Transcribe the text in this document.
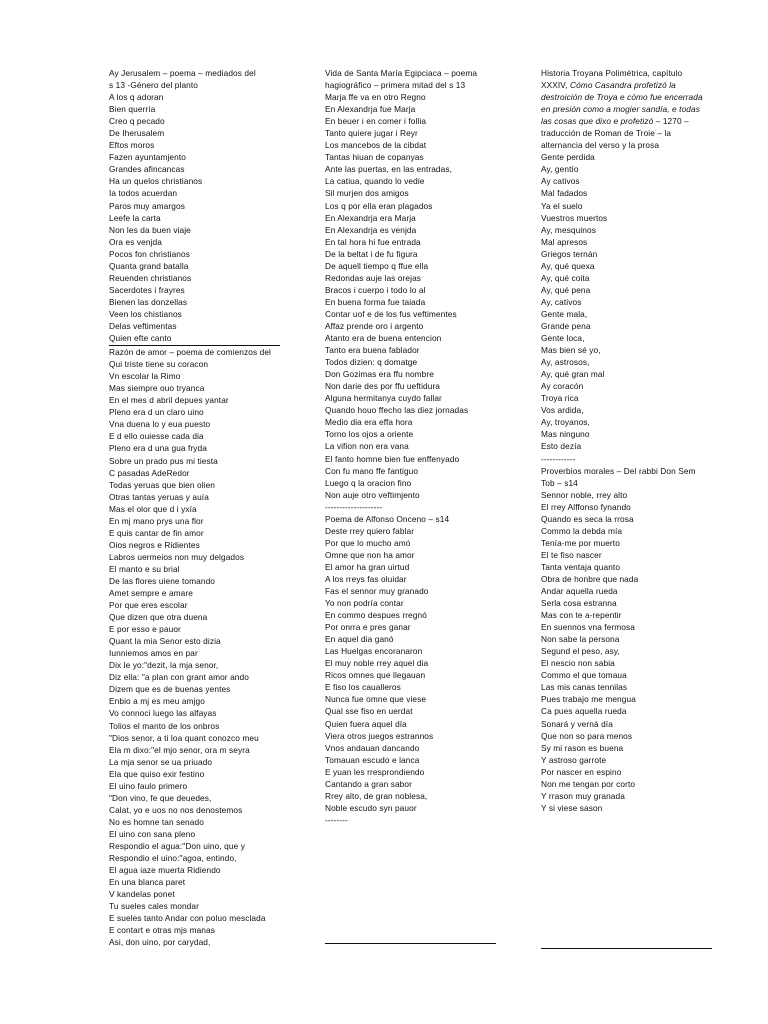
Ay Jerusalem – poema – mediados del
s 13 -Género del planto
A los q adoran
Bien querría
Creo q pecado
De Iherusalem
Eftos moros
Fazen ayuntamjento
Grandes afincancas
Ha un quelos christianos
Ia todos acuerdan
Paros muy amargos
Leefe la carta
Non les da buen viaje
Ora es venjda
Pocos fon christianos
Quanta grand batalla
Reuenden christianos
Sacerdotes i frayres
Bienen las donzellas
Veen los chistianos
Delas veftimentas
Quien efte canto
Razón de amor – poema de comienzos del
Qui triste tiene su coracon
Vn escolar la Rimo
Mas siempre ouo tryanca
En el mes d abril depues yantar
Pleno era d un claro uino
Vna duena lo y eua puesto
E d ello ouiesse cada dia
Pleno era d una gua fryda
Sobre un prado pus mi tiesta
C pasadas AdeRedor
Todas yeruas que bien olien
Otras tantas yeruas y auía
Mas el olor que d i yxía
En mj mano prys una flor
E quis cantar de fin amor
Oios negros e Ridientes
Labros uermeios non muy delgados
El manto e su brial
De las flores uiene tomando
Amet sempre e amare
Por que eres escolar
Que dizen que otra duena
E por esso e pauor
Quant la mia Senor esto dizia
Iunniemos amos en par
Dix le yo:"dezit, la mja senor,
Diz ella: "a plan con grant amor ando
Dizem que es de buenas yentes
Enbio a mj es meu amjgo
Vo connoci luego las alfayas
Tolios el manto de los onbros
"Dios senor, a ti loa quant conozco meu
Ela m dixo:"el mjo senor, ora m seyra
La mja senor se ua priuado
Ela que quiso exir festino
El uino faulo primero
"Don vino, fe que deuedes,
Calat, yo e uos no nos denostemos
No es homne tan senado
El uino con sana pleno
Respondio el agua:"Don uino, que y
Respondio el uino:"agoa, entindo,
El agua iaze muerta Ridiendo
En una blanca paret
V kandelas ponet
Tu sueles cales mondar
E sueles tanto Andar con poluo mesclada
E contart e otras mjs manas
Asi, don uino, por carydad,
Vida de Santa María Egipciaca – poema
hagiográfico – primera mitad del s 13
Marja ffe va en otro Regno
En Alexandrja fue Marja
En beuer i en comer i follia
Tanto quiere jugar i Reyr
Los mancebos de la cibdat
Tantas hiuan de copanyas
Ante las puertas, en las entradas,
La catiua, quando lo vedie
Sil murjen dos amigos
Los q por ella eran plagados
En Alexandrja era Marja
En Alexandrja es venjda
En tal hora hi fue entrada
De la beltat i de fu figura
De aquell tiempo q ffue ella
Redondas auje las orejas
Bracos i cuerpo i todo lo al
En buena forma fue taiada
Contar uof e de los fus veftimentes
Affaz prende oro i argento
Atanto era de buena entencion
Tanto era buena fablador
Todos dizien: q domatge
Don Gozimas era ffu nombre
Non darie des por ffu ueftidura
Alguna hermitanya cuydo fallar
Quando houo ffecho las diez jornadas
Medio dia era effa hora
Torno los ojos a oriente
La vifion non era vana
El fanto homne bien fue enffenyado
Con fu mano ffe fantiguo
Luego q la oracion fino
Non auje otro veftimjento
--------------------
Poema de Alfonso Onceno – s14
Deste rrey quiero fablar
Por que lo mucho amó
Omne que non ha amor
El amor ha gran uirtud
A los rreys fas oluidar
Fas el sennor muy granado
Yo non podría contar
En commo despues rregnó
Por onrra e pres ganar
En aquel dia ganó
Las Huelgas encoranaron
El muy noble rrey aquel dia
Ricos omnes que llegauan
E fiso los caualleros
Nunca fue omne que viese
Qual sse fiso en uerdat
Quien fuera aquel día
Viera otros juegos estrannos
Vnos andauan dancando
Tomauan escudo e lanca
E yuan les rresprondiendo
Cantando a gran sabor
Rrey alto, de gran noblesa,
Noble escudo syn pauor
--------
Historia Troyana Polimétrica, capítulo
XXXIV, Cómo Casandra profetizó la
destroición de Troya e cómo fue encerrada
en presión como a mogier sandía, e todas
las cosas que dixo e profetizó – 1270 –
traducción de Roman de Troie – la
alternancia del verso y la prosa
Gente perdida
Ay, gentío
Ay cativos
Mal fadados
Ya el suelo
Vuestros muertos
Ay, mesquinos
Mal apresos
Griegos ternán
Ay, qué quexa
Ay, qué coita
Ay, qué pena
Ay, cativos
Gente mala,
Grande pena
Gente loca,
Mas bien sé yo,
Ay, astrosos,
Ay, qué gran mal
Ay coracón
Troya rica
Vos ardida,
Ay, troyanos,
Mas ninguno
Esto dezía
------------
Proverbios morales – Del rabbi Don Sem
Tob – s14
Sennor noble, rrey alto
El rrey Alffonso fynando
Quando es seca la rrosa
Commo la debda mía
Tenía-me por muerto
El te fiso nascer
Tanta ventaja quanto
Obra de honbre que nada
Andar aquella rueda
Serla cosa estranna
Mas con te a-repentir
En suennos vna fermosa
Non sabe la persona
Segund el peso, asy,
El nescio non sabia
Commo el que tomaua
Las mis canas tennilas
Pues trabajo me mengua
Ca pues aquella rueda
Sonará y vernà día
Que non so para menos
Sy mi rason es buena
Y astroso garrote
Por nascer en espino
Non me tengan por corto
Y rrason muy granada
Y si viese sason
